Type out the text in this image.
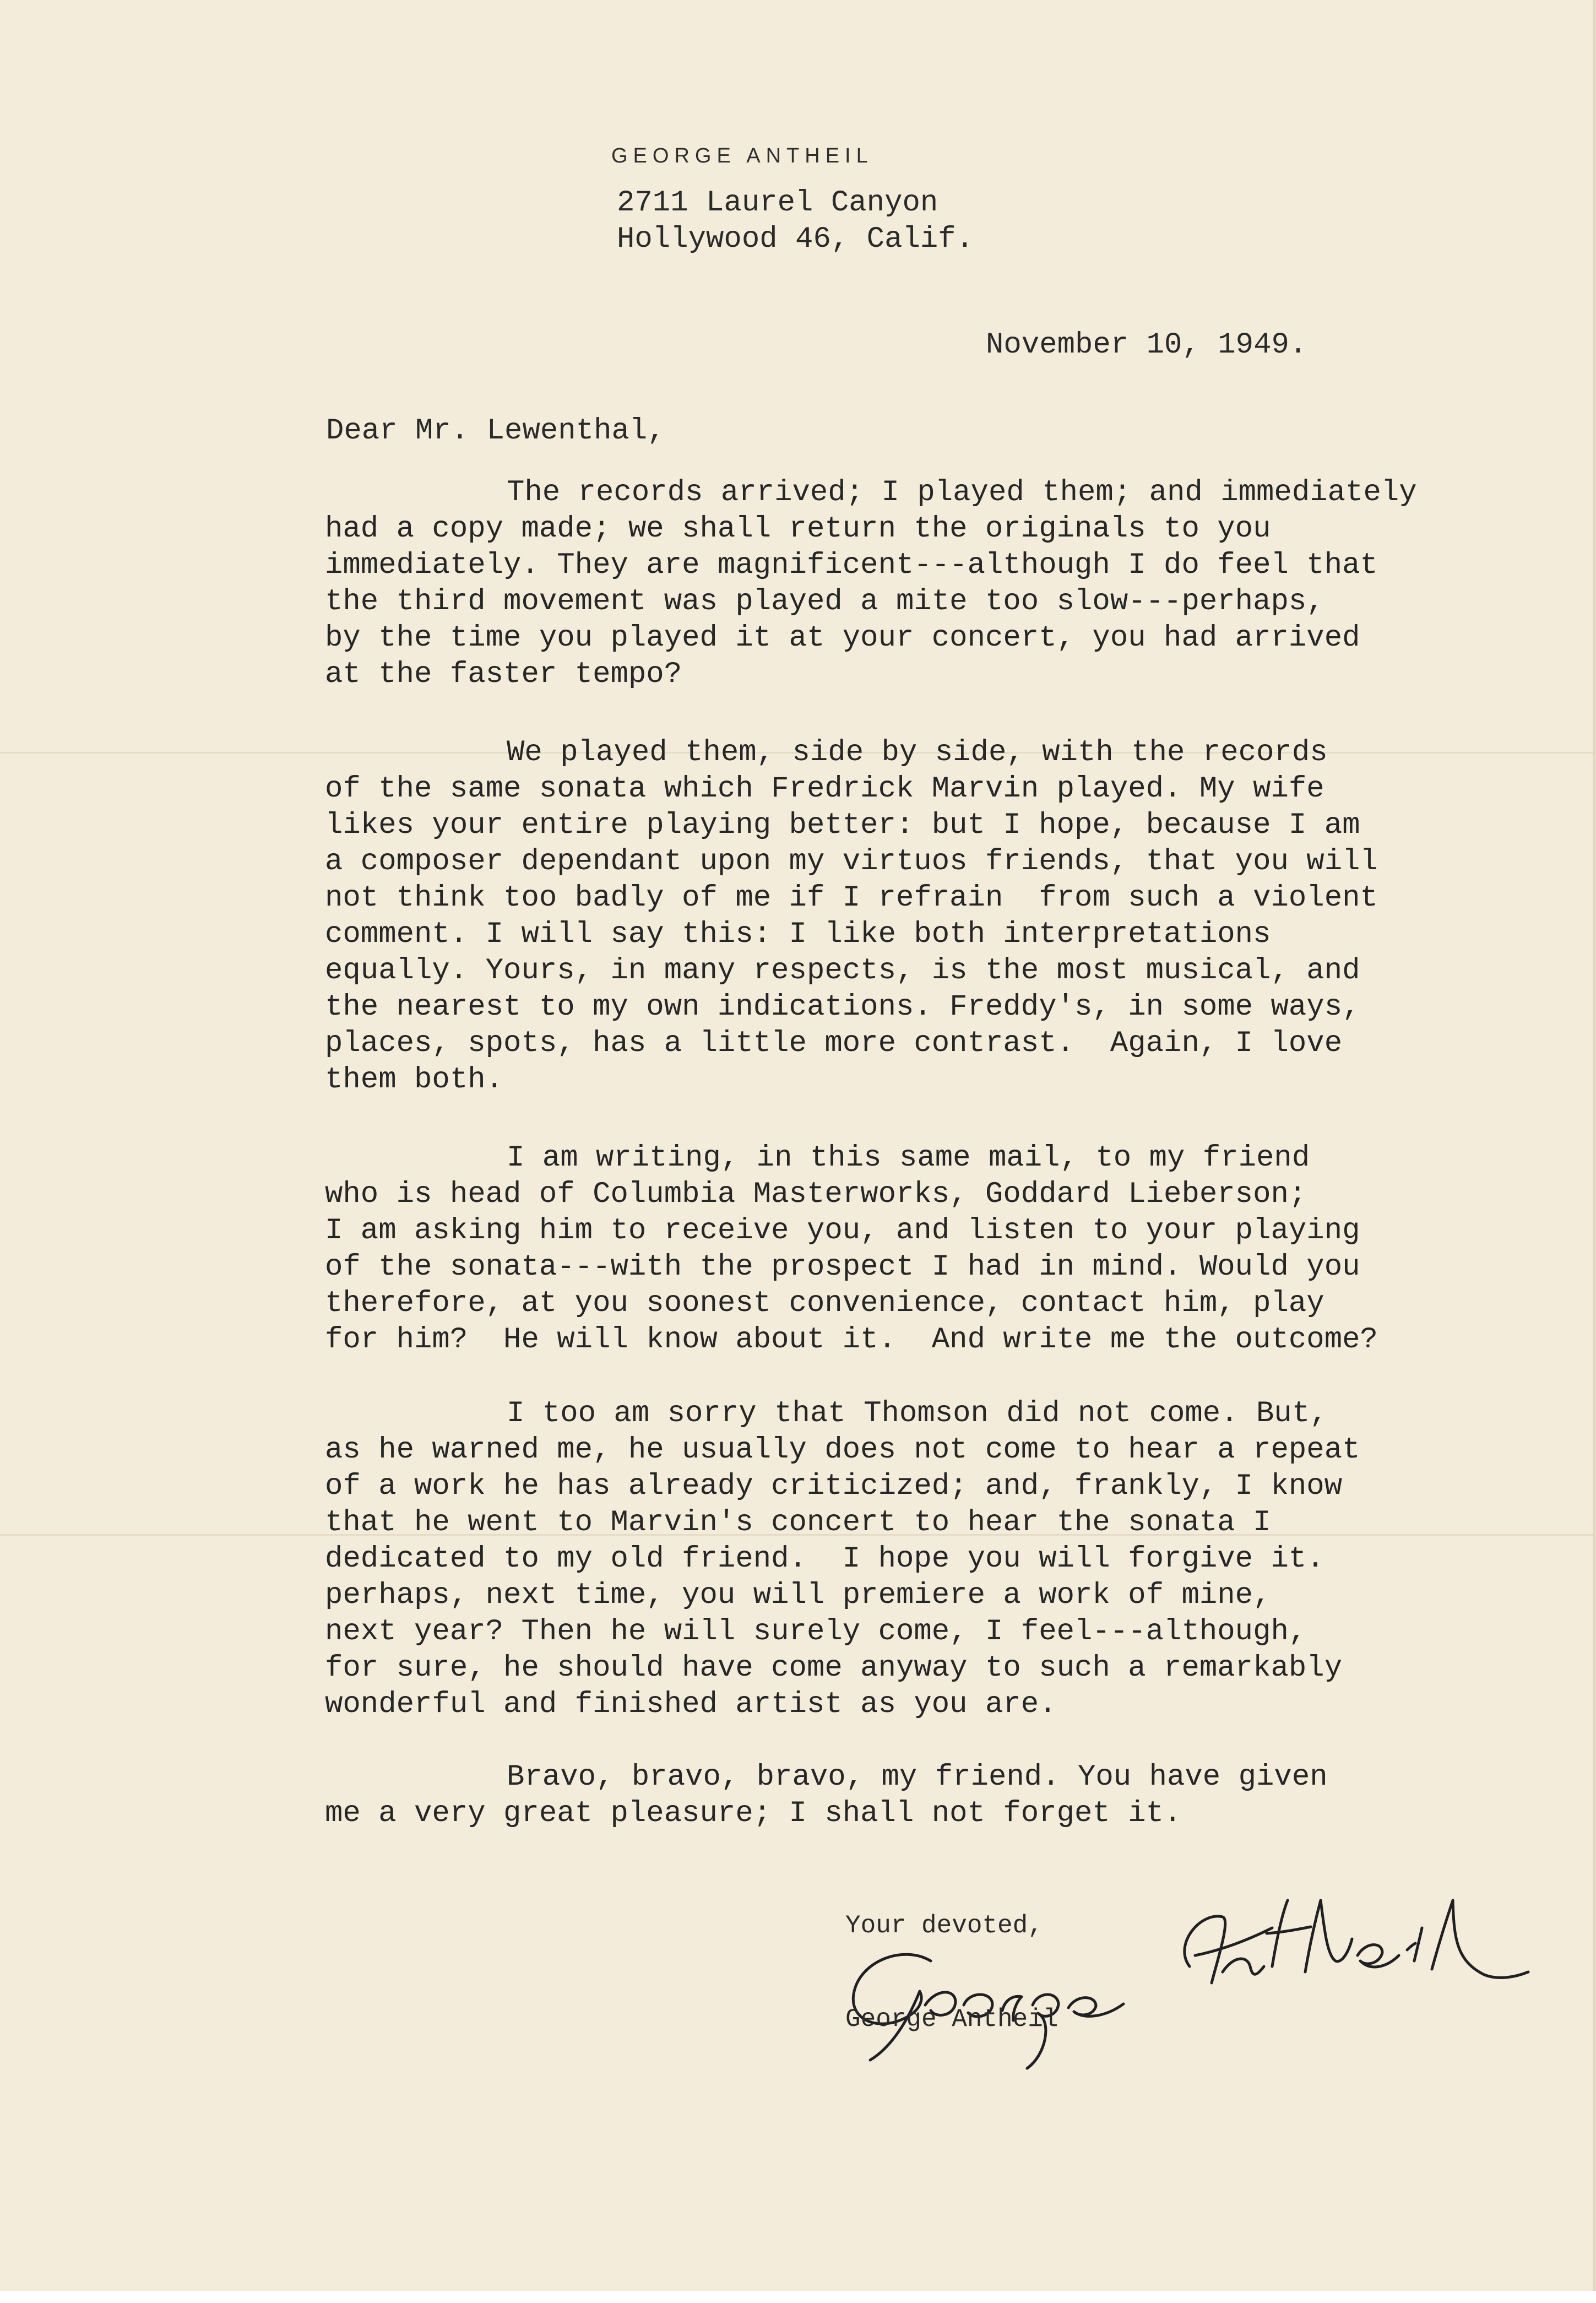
GEORGE ANTHEIL
2711 Laurel Canyon
Hollywood 46, Calif.
November 10, 1949.
Dear Mr. Lewenthal,
The records arrived; I played them; and immediately
had a copy made; we shall return the originals to you
immediately. They are magnificent---although I do feel that
the third movement was played a mite too slow---perhaps,
by the time you played it at your concert, you had arrived
at the faster tempo?
We played them, side by side, with the records
of the same sonata which Fredrick Marvin played. My wife
likes your entire playing better: but I hope, because I am
a composer dependant upon my virtuos friends, that you will
not think too badly of me if I refrain  from such a violent
comment. I will say this: I like both interpretations
equally. Yours, in many respects, is the most musical, and
the nearest to my own indications. Freddy's, in some ways,
places, spots, has a little more contrast.  Again, I love
them both.
I am writing, in this same mail, to my friend
who is head of Columbia Masterworks, Goddard Lieberson;
I am asking him to receive you, and listen to your playing
of the sonata---with the prospect I had in mind. Would you
therefore, at you soonest convenience, contact him, play
for him?  He will know about it.  And write me the outcome?
I too am sorry that Thomson did not come. But,
as he warned me, he usually does not come to hear a repeat
of a work he has already criticized; and, frankly, I know
that he went to Marvin's concert to hear the sonata I
dedicated to my old friend.  I hope you will forgive it.
perhaps, next time, you will premiere a work of mine,
next year? Then he will surely come, I feel---although,
for sure, he should have come anyway to such a remarkably
wonderful and finished artist as you are.
Bravo, bravo, bravo, my friend. You have given
me a very great pleasure; I shall not forget it.
Your devoted,
George Antheil
